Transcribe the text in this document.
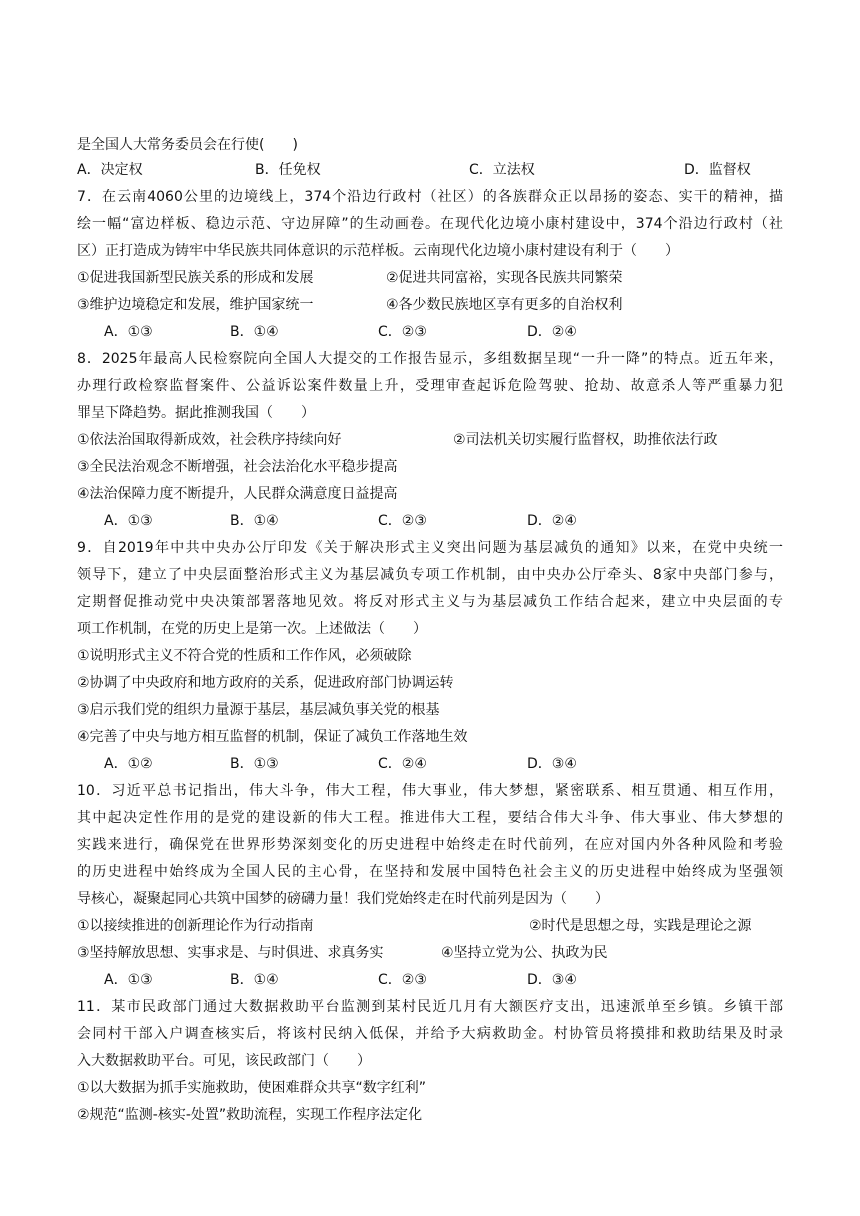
是全国人大常务委员会在行使(　　)
A．决定权	B．任免权	C．立法权	D．监督权
7．在云南4060公里的边境线上，374个沿边行政村（社区）的各族群众正以昂扬的姿态、实干的精神，描
绘一幅“富边样板、稳边示范、守边屏障”的生动画卷。在现代化边境小康村建设中，374个沿边行政村（社
区）正打造成为铸牢中华民族共同体意识的示范样板。云南现代化边境小康村建设有利于（　　）
①促进我国新型民族关系的形成和发展	②促进共同富裕，实现各民族共同繁荣
③维护边境稳定和发展，维护国家统一	④各少数民族地区享有更多的自治权利
A．①③	B．①④	C．②③	D．②④
8．2025年最高人民检察院向全国人大提交的工作报告显示，多组数据呈现“一升一降”的特点。近五年来，
办理行政检察监督案件、公益诉讼案件数量上升，受理审查起诉危险驾驶、抢劫、故意杀人等严重暴力犯
罪呈下降趋势。据此推测我国（　　）
①依法治国取得新成效，社会秩序持续向好	②司法机关切实履行监督权，助推依法行政
③全民法治观念不断增强，社会法治化水平稳步提高
④法治保障力度不断提升，人民群众满意度日益提高
A．①③	B．①④	C．②③	D．②④
9．自2019年中共中央办公厅印发《关于解决形式主义突出问题为基层减负的通知》以来，在党中央统一
领导下，建立了中央层面整治形式主义为基层减负专项工作机制，由中央办公厅牵头、8家中央部门参与，
定期督促推动党中央决策部署落地见效。将反对形式主义与为基层减负工作结合起来，建立中央层面的专
项工作机制，在党的历史上是第一次。上述做法（　　）
①说明形式主义不符合党的性质和工作作风，必须破除
②协调了中央政府和地方政府的关系，促进政府部门协调运转
③启示我们党的组织力量源于基层，基层减负事关党的根基
④完善了中央与地方相互监督的机制，保证了减负工作落地生效
A．①②	B．①③	C．②④	D．③④
10．习近平总书记指出，伟大斗争，伟大工程，伟大事业，伟大梦想，紧密联系、相互贯通、相互作用，
其中起决定性作用的是党的建设新的伟大工程。推进伟大工程，要结合伟大斗争、伟大事业、伟大梦想的
实践来进行，确保党在世界形势深刻变化的历史进程中始终走在时代前列，在应对国内外各种风险和考验
的历史进程中始终成为全国人民的主心骨，在坚持和发展中国特色社会主义的历史进程中始终成为坚强领
导核心，凝聚起同心共筑中国梦的磅礴力量！我们党始终走在时代前列是因为（　　）
①以接续推进的创新理论作为行动指南	②时代是思想之母，实践是理论之源
③坚持解放思想、实事求是、与时俱进、求真务实	④坚持立党为公、执政为民
A．①③	B．①④	C．②③	D．③④
11．某市民政部门通过大数据救助平台监测到某村民近几月有大额医疗支出，迅速派单至乡镇。乡镇干部
会同村干部入户调查核实后，将该村民纳入低保，并给予大病救助金。村协管员将摸排和救助结果及时录
入大数据救助平台。可见，该民政部门（　　）
①以大数据为抓手实施救助，使困难群众共享“数字红利”
②规范“监测-核实-处置”救助流程，实现工作程序法定化
